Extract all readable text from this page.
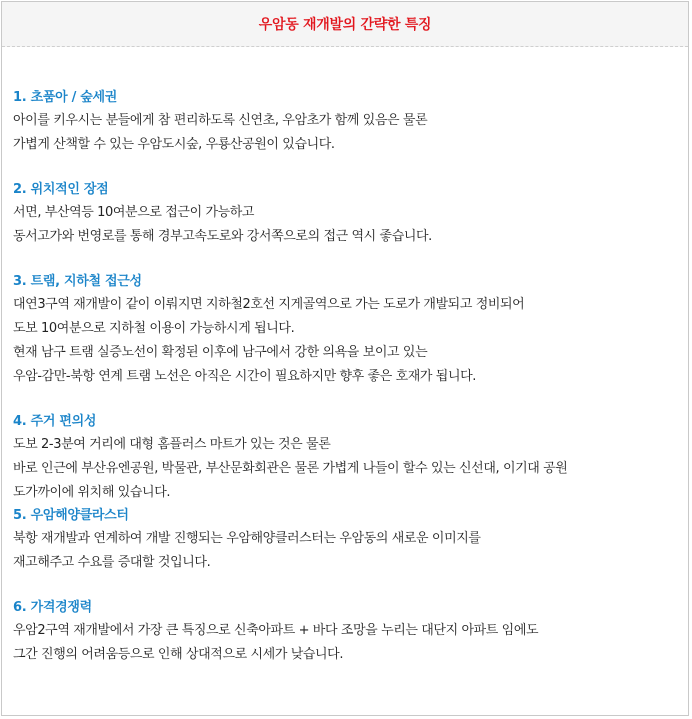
우암동 재개발의 간략한 특징
1. 초품아 / 숲세권
아이를 키우시는 분들에게 참 편리하도록 신연초, 우암초가 함께 있음은 물론
가볍게 산책할 수 있는 우암도시숲, 우룡산공원이 있습니다.
2. 위치적인 장점
서면, 부산역등 10여분으로 접근이 가능하고
동서고가와 번영로를 통해 경부고속도로와 강서쪽으로의 접근 역시 좋습니다.
3. 트램, 지하철 접근성
대연3구역 재개발이 같이 이뤄지면 지하철2호선 지게골역으로 가는 도로가 개발되고 정비되어
도보 10여분으로 지하철 이용이 가능하시게 됩니다.
현재 남구 트램 실증노선이 확정된 이후에 남구에서 강한 의욕을 보이고 있는
우암-감만-북항 연계 트램 노선은 아직은 시간이 필요하지만 향후 좋은 호재가 됩니다.
4. 주거 편의성
도보 2-3분여 거리에 대형 홈플러스 마트가 있는 것은 물론
바로 인근에 부산유엔공원, 박물관, 부산문화회관은 물론 가볍게 나들이 할수 있는 신선대, 이기대 공원
도가까이에 위치해 있습니다.
5. 우암해양클라스터
북항 재개발과 연계하여 개발 진행되는 우암해양클러스터는 우암동의 새로운 이미지를
재고해주고 수요를 증대할 것입니다.
6. 가격경쟁력
우암2구역 재개발에서 가장 큰 특징으로 신축아파트 + 바다 조망을 누리는 대단지 아파트 임에도
그간 진행의 어려움등으로 인해 상대적으로 시세가 낮습니다.
